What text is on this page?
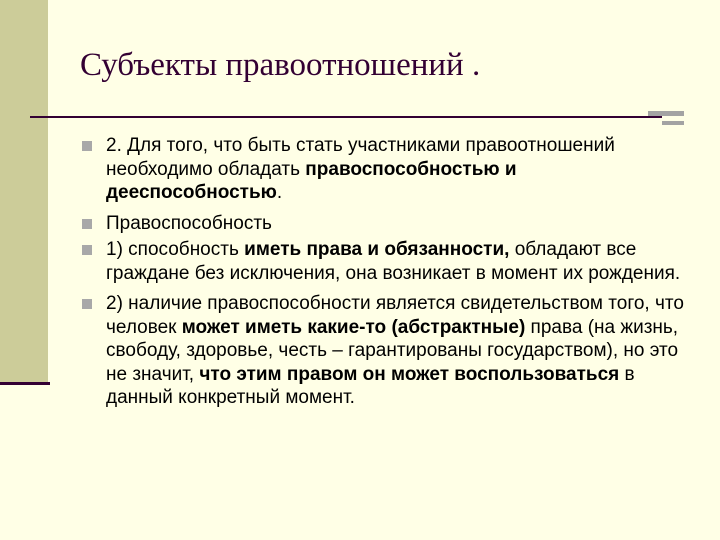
Субъекты правоотношений .
2. Для того, что быть стать участниками правоотношений необходимо обладать правоспособностью и дееспособностью.
Правоспособность
1) способность иметь права и обязанности, обладают все граждане без исключения, она возникает в момент их рождения.
2) наличие правоспособности является свидетельством того, что человек может иметь какие-то (абстрактные) права (на жизнь, свободу, здоровье, честь – гарантированы государством), но это не значит, что этим правом он может воспользоваться в данный конкретный момент.
